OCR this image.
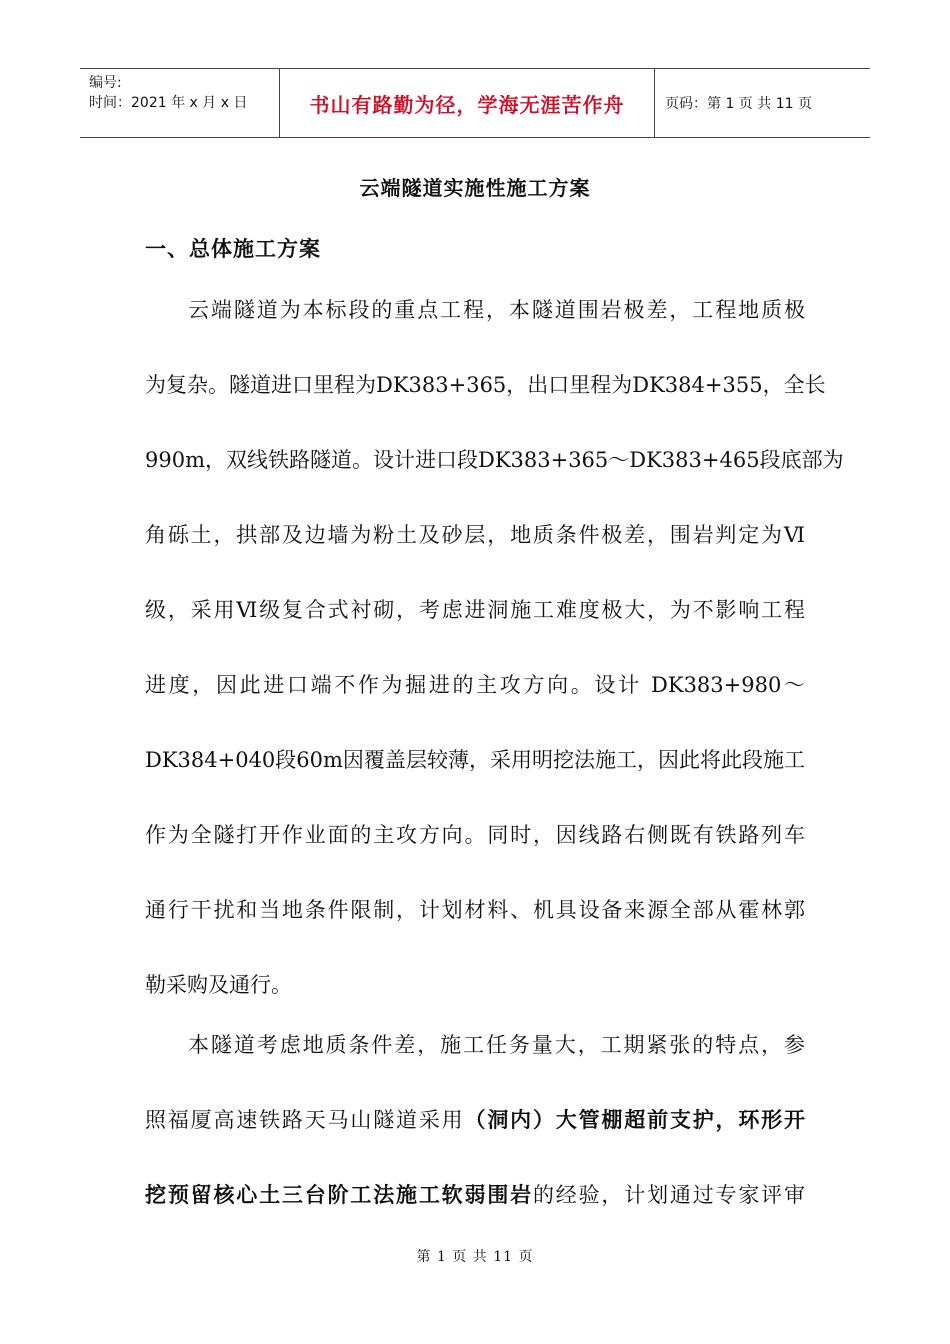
编号:
时间：2021 年 x 月 x 日	书山有路勤为径，学海无涯苦作舟	页码：第 1 页 共 11 页
云端隧道实施性施工方案
一、总体施工方案
云端隧道为本标段的重点工程，本隧道围岩极差，工程地质极
为复杂。隧道进口里程为DK383+365，出口里程为DK384+355，全长
990m，双线铁路隧道。设计进口段DK383+365～DK383+465段底部为
角砾土，拱部及边墙为粉土及砂层，地质条件极差，围岩判定为Ⅵ
级，采用Ⅵ级复合式衬砌，考虑进洞施工难度极大，为不影响工程
进度，因此进口端不作为掘进的主攻方向。设计 DK383+980～
DK384+040段60m因覆盖层较薄，采用明挖法施工，因此将此段施工
作为全隧打开作业面的主攻方向。同时，因线路右侧既有铁路列车
通行干扰和当地条件限制，计划材料、机具设备来源全部从霍林郭
勒采购及通行。
本隧道考虑地质条件差，施工任务量大，工期紧张的特点，参
照福厦高速铁路天马山隧道采用（洞内）大管棚超前支护，环形开
挖预留核心土三台阶工法施工软弱围岩的经验，计划通过专家评审
第 1 页 共 11 页
